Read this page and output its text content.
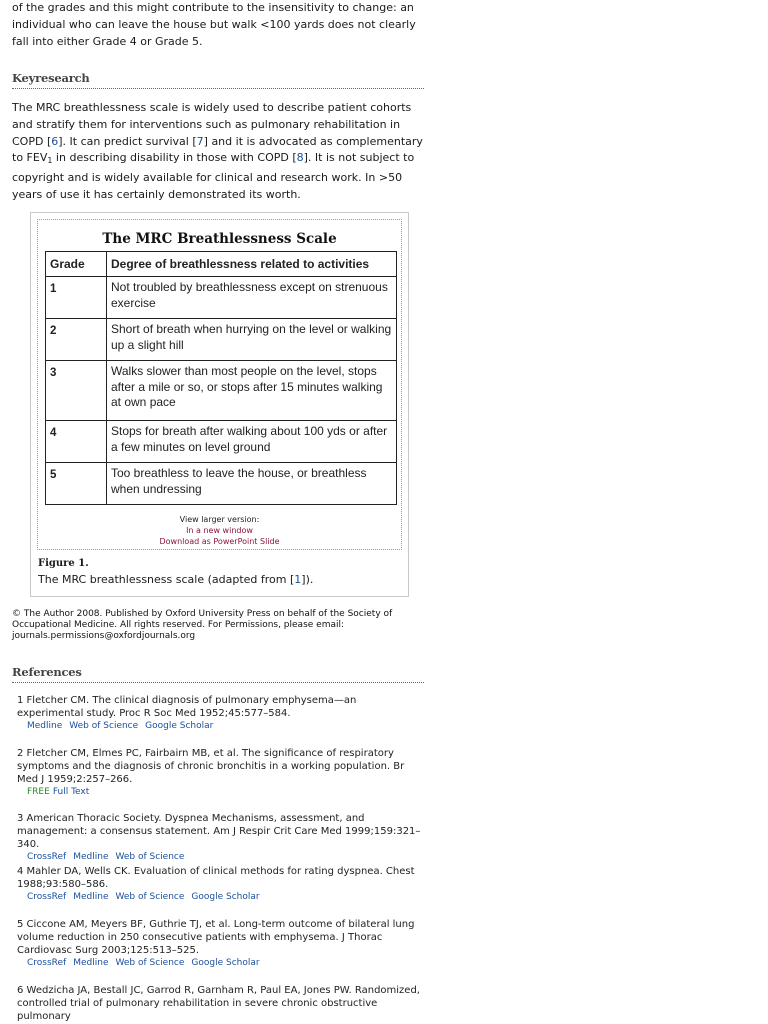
of the grades and this might contribute to the insensitivity to change: an
individual who can leave the house but walk <100 yards does not clearly
fall into either Grade 4 or Grade 5.

Keyresearch

The MRC breathlessness scale is widely used to describe patient cohorts and stratify them for interventions such as pulmonary rehabilitation in COPD [6]. It can predict survival [7] and it is advocated as complementary to $FEV_1$ in describing disability in those with COPD [8]. It is not subject to copyright and is widely available for clinical and research work. In >50 years of use it has certainly demonstrated its worth.

The MRC Breathlessness Scale
Grade	Degree of breathlessness related to activities
1	Not troubled by breathlessness except on strenuous exercise
2	Short of breath when hurrying on the level or walking up a slight hill
3	Walks slower than most people on the level, stops after a mile or so, or stops after 15 minutes walking at own pace
4	Stops for breath after walking about 100 yds or after a few minutes on level ground
5	Too breathless to leave the house, or breathless when undressing
View larger version:
In a new window
Download as PowerPoint Slide
Figure 1.
The MRC breathlessness scale (adapted from [1]).
© The Author 2008. Published by Oxford University Press on behalf of the Society of Occupational Medicine. All rights reserved. For Permissions, please email: journals.permissions@oxfordjournals.org
References
1 Fletcher CM. The clinical diagnosis of pulmonary emphysema—an experimental study. Proc R Soc Med 1952;45:577–584.
Medline Web of Science Google Scholar
2 Fletcher CM, Elmes PC, Fairbairn MB, et al. The significance of respiratory symptoms and the diagnosis of chronic bronchitis in a working population. Br Med J 1959;2:257–266.
FREE Full Text
3 American Thoracic Society. Dyspnea Mechanisms, assessment, and management: a consensus statement. Am J Respir Crit Care Med 1999;159:321–340.
CrossRef Medline Web of Science
4 Mahler DA, Wells CK. Evaluation of clinical methods for rating dyspnea. Chest 1988;93:580–586.
CrossRef Medline Web of Science Google Scholar
5 Ciccone AM, Meyers BF, Guthrie TJ, et al. Long-term outcome of bilateral lung volume reduction in 250 consecutive patients with emphysema. J Thorac Cardiovasc Surg 2003;125:513–525.
CrossRef Medline Web of Science Google Scholar
6 Wedzicha JA, Bestall JC, Garrod R, Garnham R, Paul EA, Jones PW. Randomized, controlled trial of pulmonary rehabilitation in severe chronic obstructive pulmonary
